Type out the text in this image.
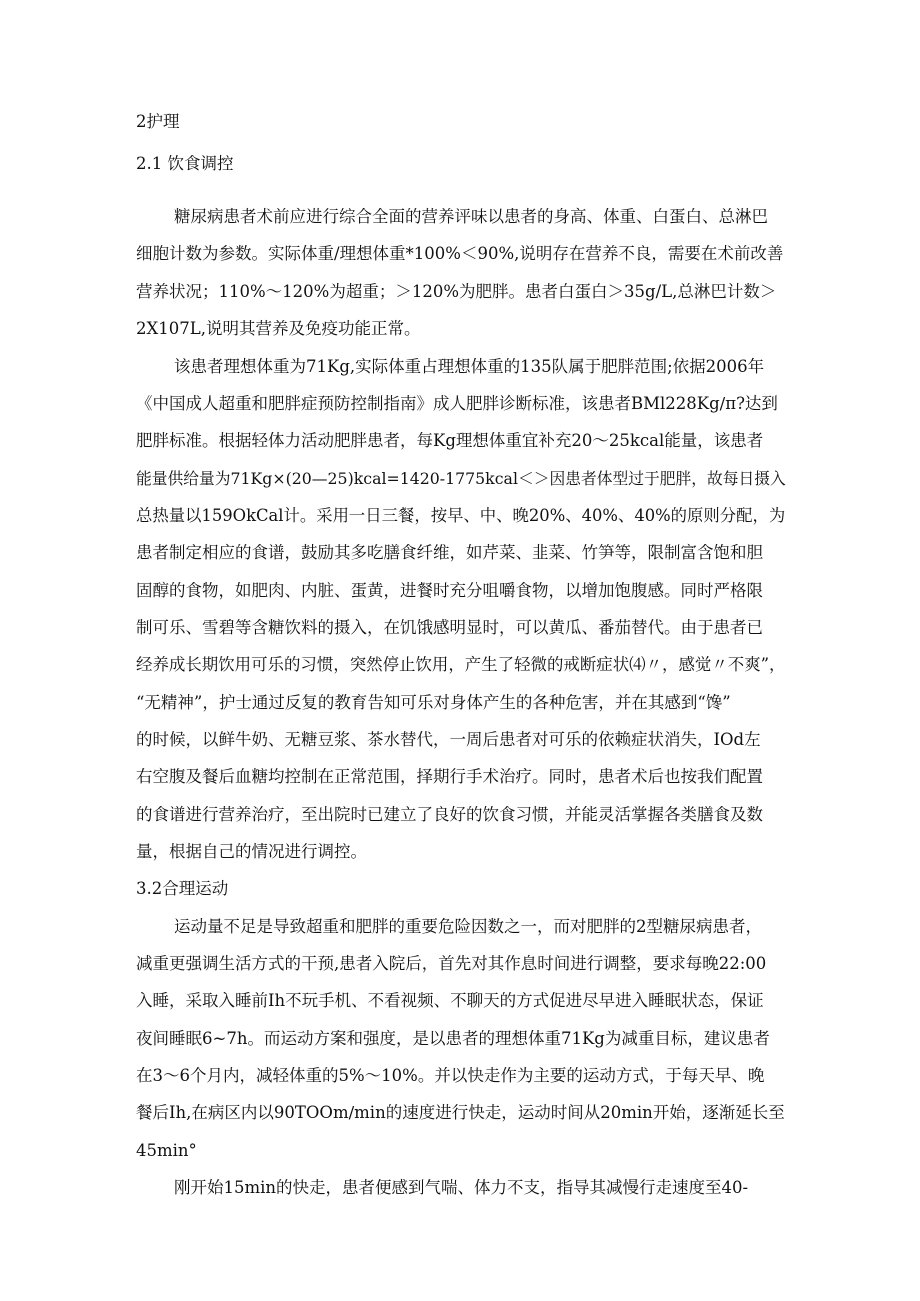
2护理
2.1 饮食调控
糖尿病患者术前应进行综合全面的营养评味以患者的身高、体重、白蛋白、总淋巴
细胞计数为参数。实际体重/理想体重*100%＜90%,说明存在营养不良，需要在术前改善
营养状况；110%～120%为超重；＞120%为肥胖。患者白蛋白＞35g/L,总淋巴计数＞
2X107L,说明其营养及免疫功能正常。
该患者理想体重为71Kg,实际体重占理想体重的135队属于肥胖范围;依据2006年
《中国成人超重和肥胖症预防控制指南》成人肥胖诊断标准，该患者BMl228Kg∕π?达到
肥胖标准。根据轻体力活动肥胖患者，每Kg理想体重宜补充20～25kcal能量，该患者
能量供给量为71Kg×(20—25)kcal=1420-1775kcal＜＞因患者体型过于肥胖，故每日摄入
总热量以159OkCal计。采用一日三餐，按早、中、晚20%、40%、40%的原则分配，为
患者制定相应的食谱，鼓励其多吃膳食纤维，如芹菜、韭菜、竹笋等，限制富含饱和胆
固醇的食物，如肥肉、内脏、蛋黄，进餐时充分咀嚼食物，以增加饱腹感。同时严格限
制可乐、雪碧等含糖饮料的摄入，在饥饿感明显时，可以黄瓜、番茄替代。由于患者已
经养成长期饮用可乐的习惯，突然停止饮用，产生了轻微的戒断症状⑷〃，感觉〃不爽”，
“无精神”，护士通过反复的教育告知可乐对身体产生的各种危害，并在其感到“馋”
的时候，以鲜牛奶、无糖豆浆、茶水替代，一周后患者对可乐的依赖症状消失，IOd左
右空腹及餐后血糖均控制在正常范围，择期行手术治疗。同时，患者术后也按我们配置
的食谱进行营养治疗，至出院时已建立了良好的饮食习惯，并能灵活掌握各类膳食及数
量，根据自己的情况进行调控。
3.2合理运动
运动量不足是导致超重和肥胖的重要危险因数之一，而对肥胖的2型糖尿病患者，
减重更强调生活方式的干预,患者入院后，首先对其作息时间进行调整，要求每晚22:00
入睡，采取入睡前Ih不玩手机、不看视频、不聊天的方式促进尽早进入睡眠状态，保证
夜间睡眠6~7h。而运动方案和强度，是以患者的理想体重71Kg为减重目标，建议患者
在3～6个月内，减轻体重的5%～10%。并以快走作为主要的运动方式，于每天早、晚
餐后Ih,在病区内以90TOOm∕min的速度进行快走，运动时间从20min开始，逐渐延长至
45min°
刚开始15min的快走，患者便感到气喘、体力不支，指导其减慢行走速度至40-
